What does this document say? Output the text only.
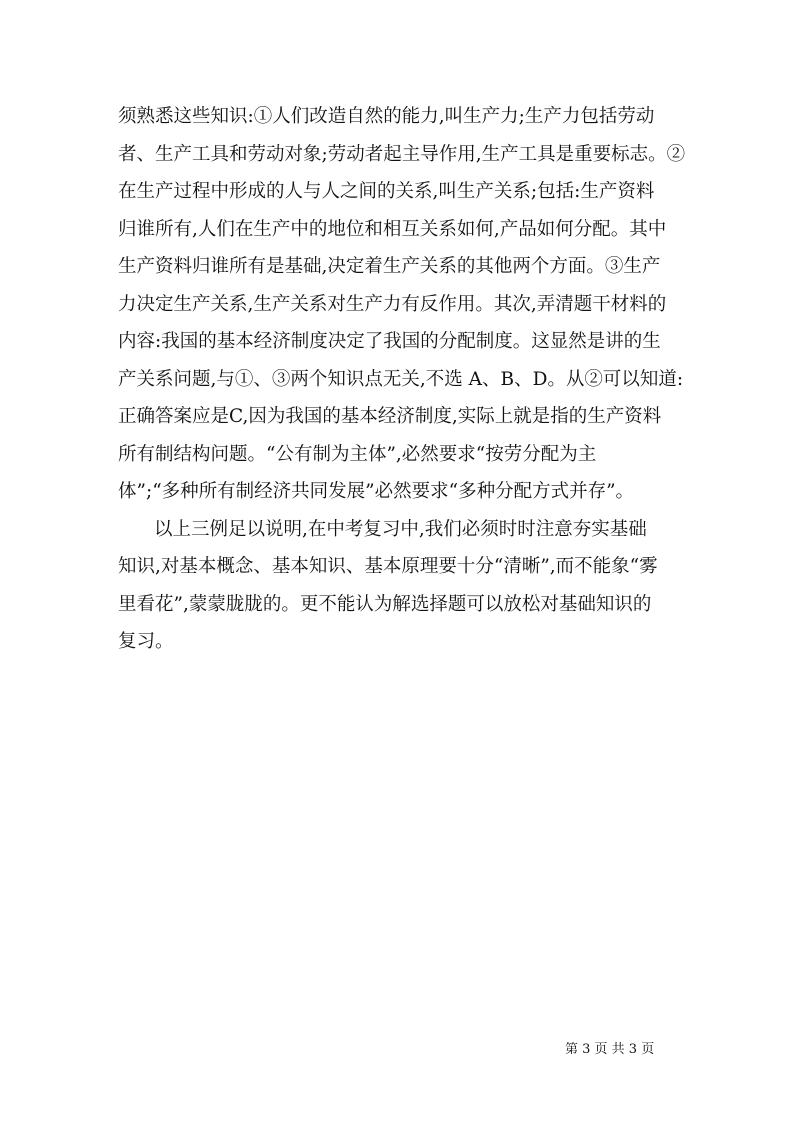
须熟悉这些知识:①人们改造自然的能力,叫生产力;生产力包括劳动
者、生产工具和劳动对象;劳动者起主导作用,生产工具是重要标志。②
在生产过程中形成的人与人之间的关系,叫生产关系;包括:生产资料
归谁所有,人们在生产中的地位和相互关系如何,产品如何分配。其中
生产资料归谁所有是基础,决定着生产关系的其他两个方面。③生产
力决定生产关系,生产关系对生产力有反作用。其次,弄清题干材料的
内容:我国的基本经济制度决定了我国的分配制度。这显然是讲的生
产关系问题,与①、③两个知识点无关,不选 A、B、D。从②可以知道:
正确答案应是C,因为我国的基本经济制度,实际上就是指的生产资料
所有制结构问题。“公有制为主体”,必然要求“按劳分配为主
体”;“多种所有制经济共同发展”必然要求“多种分配方式并存”。
以上三例足以说明,在中考复习中,我们必须时时注意夯实基础
知识,对基本概念、基本知识、基本原理要十分“清晰”,而不能象“雾
里看花”,蒙蒙胧胧的。更不能认为解选择题可以放松对基础知识的
复习。
第 3 页 共 3 页
